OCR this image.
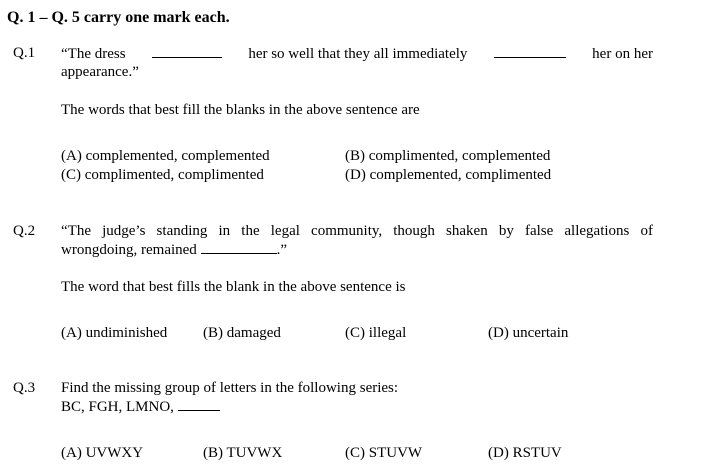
Q. 1 – Q. 5 carry one mark each.
Q.1 “The dress	her so well that they all immediately	her on her
appearance.”
The words that best fill the blanks in the above sentence are
(A) complemented, complemented	(B) complimented, complemented
(C) complimented, complimented	(D) complemented, complimented
Q.2 “The judge’s standing in the legal community, though shaken by false allegations of
wrongdoing, remained	.”
The word that best fills the blank in the above sentence is
(A) undiminished (B) damaged	(C) illegal	(D) uncertain
Q.3 Find the missing group of letters in the following series:
BC, FGH, LMNO,
(A) UVWXY	(B) TUVWX	(C) STUVW	(D) RSTUV
